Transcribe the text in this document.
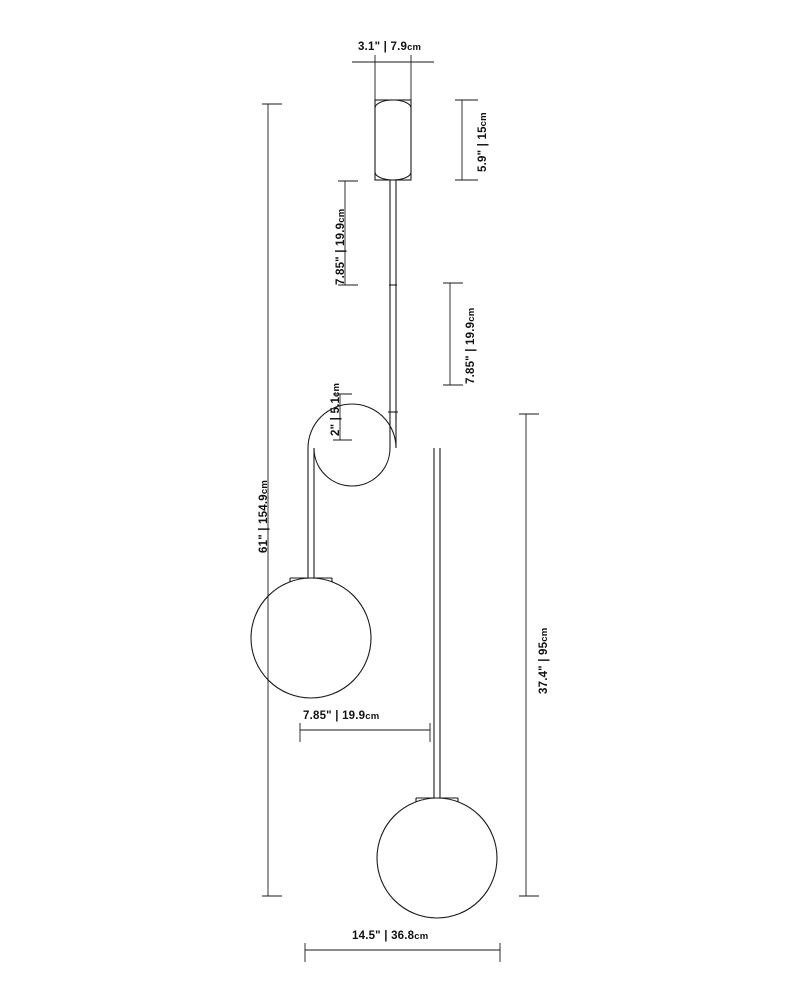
3.1" | 7.9cm
5.9" | 15cm
7.85" | 19.9cm
7.85" | 19.9cm
2" | 5.1cm
61" | 154.9cm
37.4" | 95cm
7.85" | 19.9cm
14.5" | 36.8cm
